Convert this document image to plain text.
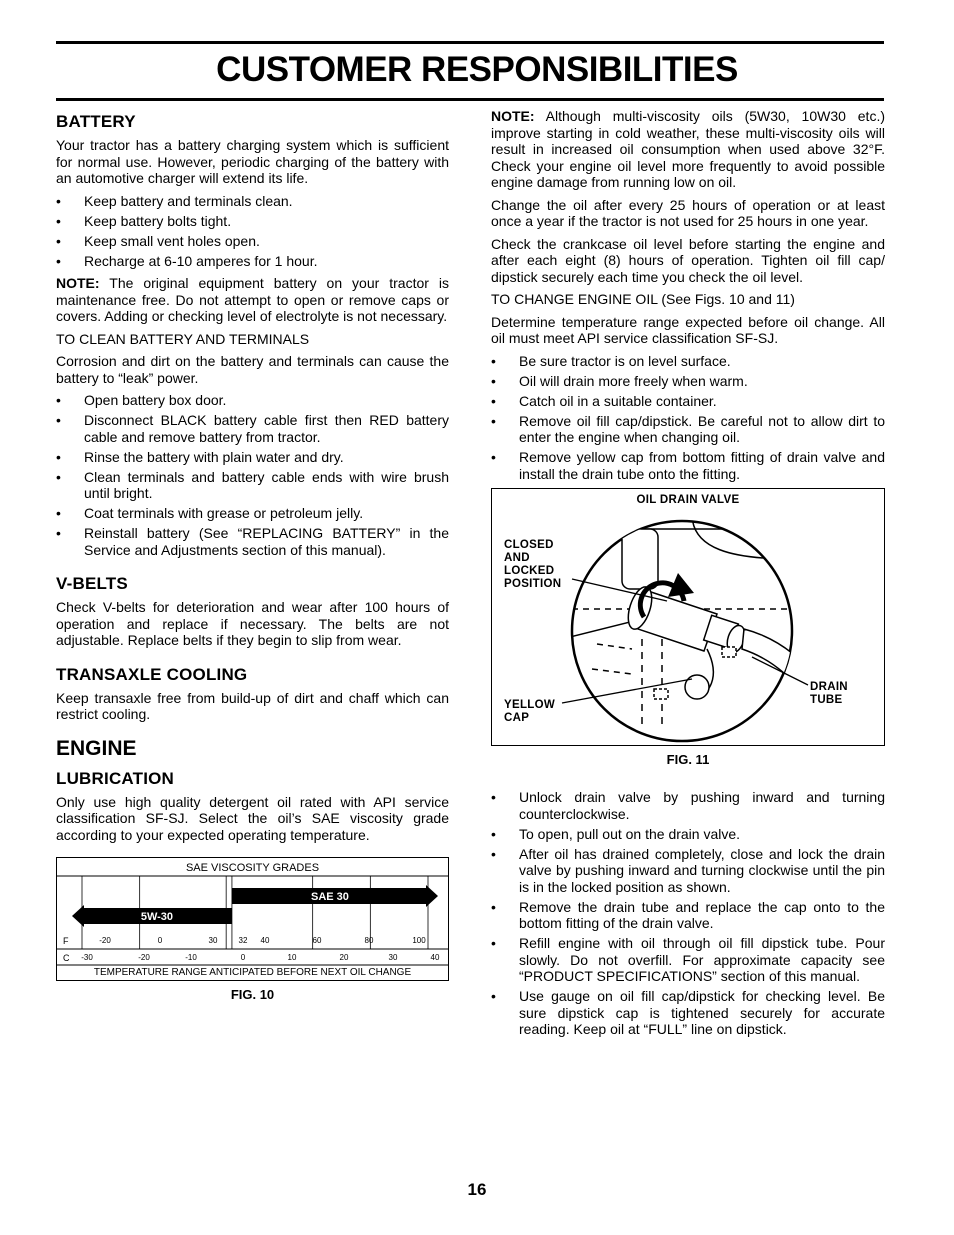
CUSTOMER RESPONSIBILITIES
BATTERY

Your tractor has a battery charging system which is sufficient for normal use. However, periodic charging of the battery with an automotive charger will extend its life.

• Keep battery and terminals clean.
• Keep battery bolts tight.
• Keep small vent holes open.
• Recharge at 6-10 amperes for 1 hour.

NOTE: The original equipment battery on your tractor is maintenance free. Do not attempt to open or remove caps or covers. Adding or checking level of electrolyte is not necessary.

TO CLEAN BATTERY AND TERMINALS

Corrosion and dirt on the battery and terminals can cause the battery to “leak” power.

• Open battery box door.
• Disconnect BLACK battery cable first then RED battery cable and remove battery from tractor.
• Rinse the battery with plain water and dry.
• Clean terminals and battery cable ends with wire brush until bright.
• Coat terminals with grease or petroleum jelly.
• Reinstall battery (See “REPLACING BATTERY” in the Service and Adjustments section of this manual).
V-BELTS

Check V-belts for deterioration and wear after 100 hours of operation and replace if necessary. The belts are not adjustable. Replace belts if they begin to slip from wear.

TRANSAXLE COOLING

Keep transaxle free from build-up of dirt and chaff which can restrict cooling.

ENGINE
LUBRICATION

Only use high quality detergent oil rated with API service classification SF-SJ. Select the oil’s SAE viscosity grade according to your expected operating temperature.

SAE VISCOSITY GRADES
5W-30
SAE 30
F
C
-20	0	30	32 40	60	80	100
-30	-20	-10	0	10	20	30	40
TEMPERATURE RANGE ANTICIPATED BEFORE NEXT OIL CHANGE
FIG. 10

NOTE: Although multi-viscosity oils (5W30, 10W30 etc.) improve starting in cold weather, these multi-viscosity oils will result in increased oil consumption when used above 32°F. Check your engine oil level more frequently to avoid possible engine damage from running low on oil.

Change the oil after every 25 hours of operation or at least once a year if the tractor is not used for 25 hours in one year.

Check the crankcase oil level before starting the engine and after each eight (8) hours of operation. Tighten oil fill cap/ dipstick securely each time you check the oil level.

TO CHANGE ENGINE OIL (See Figs. 10 and 11)

Determine temperature range expected before oil change. All oil must meet API service classification SF-SJ.

• Be sure tractor is on level surface.
• Oil will drain more freely when warm.
• Catch oil in a suitable container.
• Remove oil fill cap/dipstick. Be careful not to allow dirt to enter the engine when changing oil.
• Remove yellow cap from bottom fitting of drain valve and install the drain tube onto the fitting.
OIL DRAIN VALVE
CLOSED AND LOCKED POSITION
YELLOW CAP
DRAIN TUBE
FIG. 11
• Unlock drain valve by pushing inward and turning counterclockwise.
• To open, pull out on the drain valve.
• After oil has drained completely, close and lock the drain valve by pushing inward and turning clockwise until the pin is in the locked position as shown.
• Remove the drain tube and replace the cap onto to the bottom fitting of the drain valve.
• Refill engine with oil through oil fill dipstick tube. Pour slowly. Do not overfill. For approximate capacity see “PRODUCT SPECIFICATIONS” section of this manual.
• Use gauge on oil fill cap/dipstick for checking level. Be sure dipstick cap is tightened securely for accurate reading. Keep oil at “FULL” line on dipstick.
16
